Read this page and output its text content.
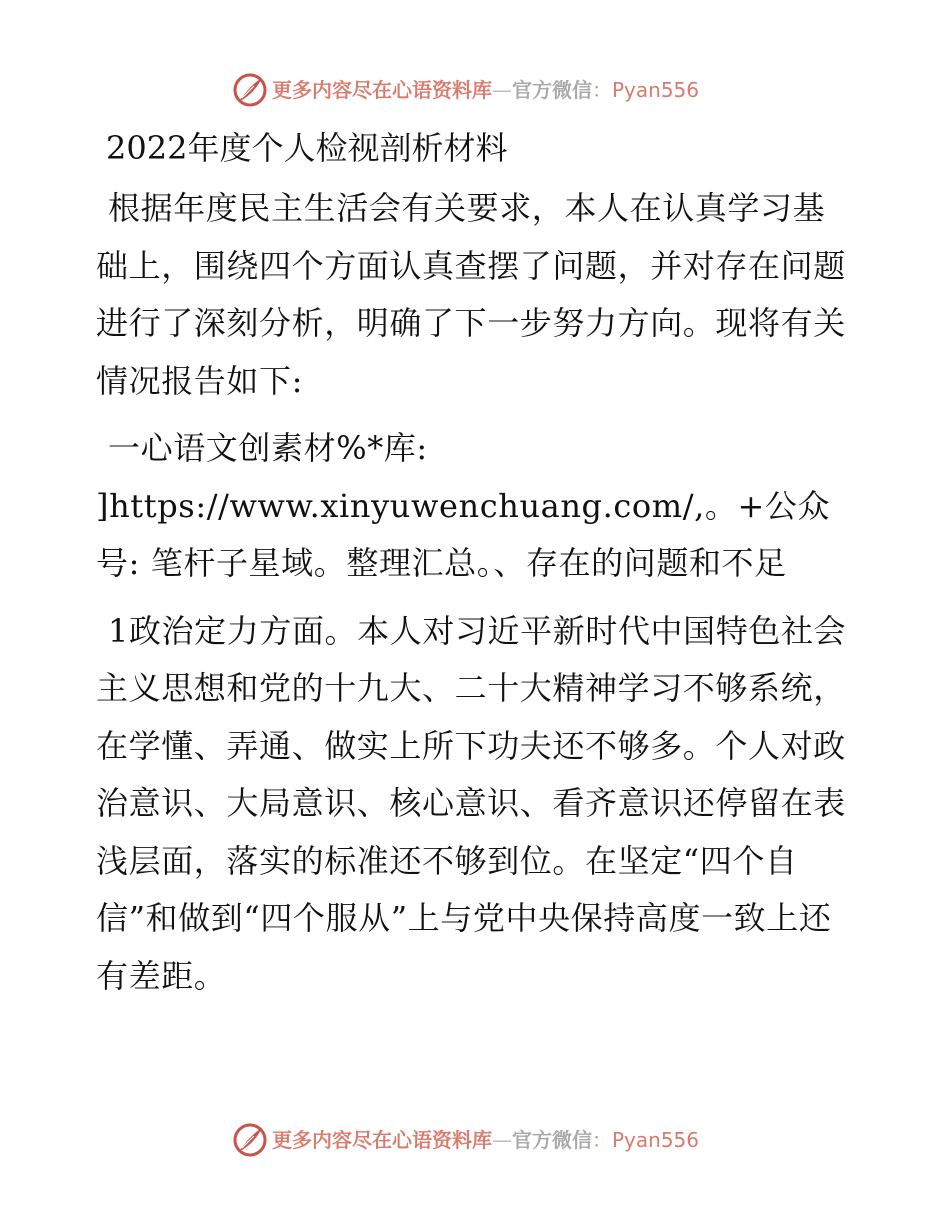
更多内容尽在心语资料库—官方微信：Pyan556
2022年度个人检视剖析材料

根据年度民主生活会有关要求，本人在认真学习基础上，围绕四个方面认真查摆了问题，并对存在问题进行了深刻分析，明确了下一步努力方向。现将有关情况报告如下:

一心语文创素材%*库: ]https://www.xinyuwenchuang.com/,。+公众号: 笔杆子星域。整理汇总。、存在的问题和不足

1政治定力方面。本人对习近平新时代中国特色社会主义思想和党的十九大、二十大精神学习不够系统，在学懂、弄通、做实上所下功夫还不够多。个人对政治意识、大局意识、核心意识、看齐意识还停留在表浅层面，落实的标准还不够到位。在坚定“四个自信”和做到“四个服从”上与党中央保持高度一致上还有差距。

更多内容尽在心语资料库—官方微信：Pyan556
